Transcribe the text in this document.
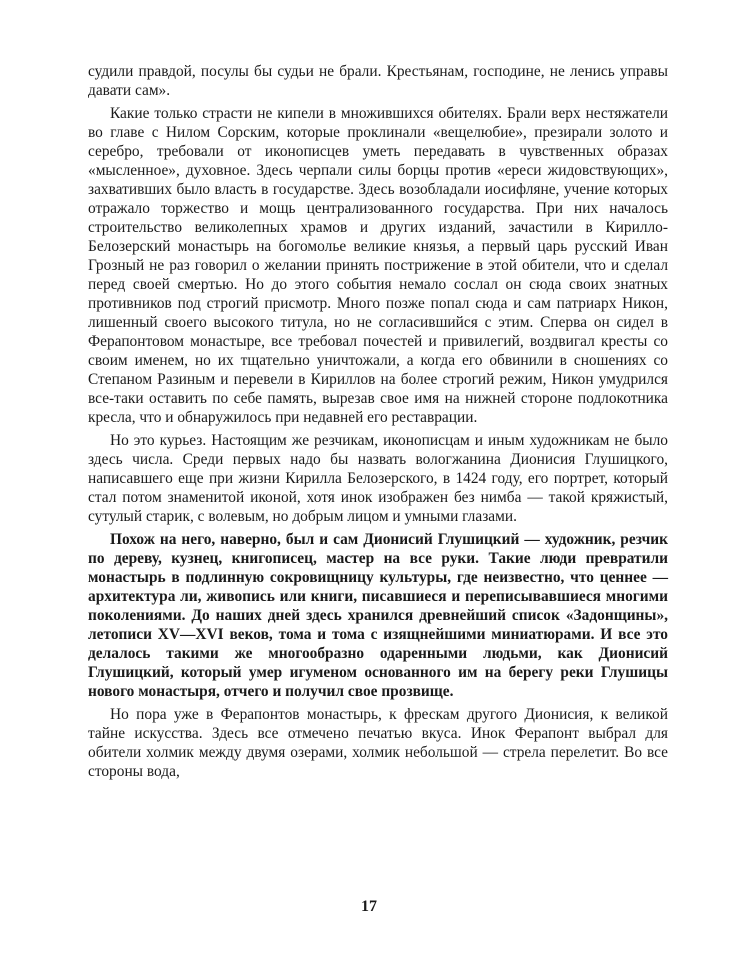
судили правдой, посулы бы судьи не брали. Крестьянам, господине, не ленись управы давати сам».

Какие только страсти не кипели в множившихся обителях. Брали верх нестяжатели во главе с Нилом Сорским, которые проклинали «вещелюбие», презирали золото и серебро, требовали от иконописцев уметь передавать в чувственных образах «мысленное», духовное. Здесь черпали силы борцы против «ереси жидовствующих», захвативших было власть в государстве. Здесь возобладали иосифляне, учение которых отражало торжество и мощь централизованного государства. При них началось строительство великолепных храмов и других изданий, зачастили в Кирилло-Белозерский монастырь на богомолье великие князья, а первый царь русский Иван Грозный не раз говорил о желании принять пострижение в этой обители, что и сделал перед своей смертью. Но до этого события немало сослал он сюда своих знатных противников под строгий присмотр. Много позже попал сюда и сам патриарх Никон, лишенный своего высокого титула, но не согласившийся с этим. Сперва он сидел в Ферапонтовом монастыре, все требовал почестей и привилегий, воздвигал кресты со своим именем, но их тщательно уничтожали, а когда его обвинили в сношениях со Степаном Разиным и перевели в Кириллов на более строгий режим, Никон умудрился все-таки оставить по себе память, вырезав свое имя на нижней стороне подлокотника кресла, что и обнаружилось при недавней его реставрации.

Но это курьез. Настоящим же резчикам, иконописцам и иным художникам не было здесь числа. Среди первых надо бы назвать вологжанина Дионисия Глушицкого, написавшего еще при жизни Кирилла Белозерского, в 1424 году, его портрет, который стал потом знаменитой иконой, хотя инок изображен без нимба — такой кряжистый, сутулый старик, с волевым, но добрым лицом и умными глазами.

Похож на него, наверно, был и сам Дионисий Глушицкий — художник, резчик по дереву, кузнец, книгописец, мастер на все руки. Такие люди превратили монастырь в подлинную сокровищницу культуры, где неизвестно, что ценнее — архитектура ли, живопись или книги, писавшиеся и переписывавшиеся многими поколениями. До наших дней здесь хранился древнейший список «Задонщины», летописи XV—XVI веков, тома и тома с изящнейшими миниатюрами. И все это делалось такими же многообразно одаренными людьми, как Дионисий Глушицкий, который умер игуменом основанного им на берегу реки Глушицы нового монастыря, отчего и получил свое прозвище.

Но пора уже в Ферапонтов монастырь, к фрескам другого Дионисия, к великой тайне искусства. Здесь все отмечено печатью вкуса. Инок Ферапонт выбрал для обители холмик между двумя озерами, холмик небольшой — стрела перелетит. Во все стороны вода,

17
